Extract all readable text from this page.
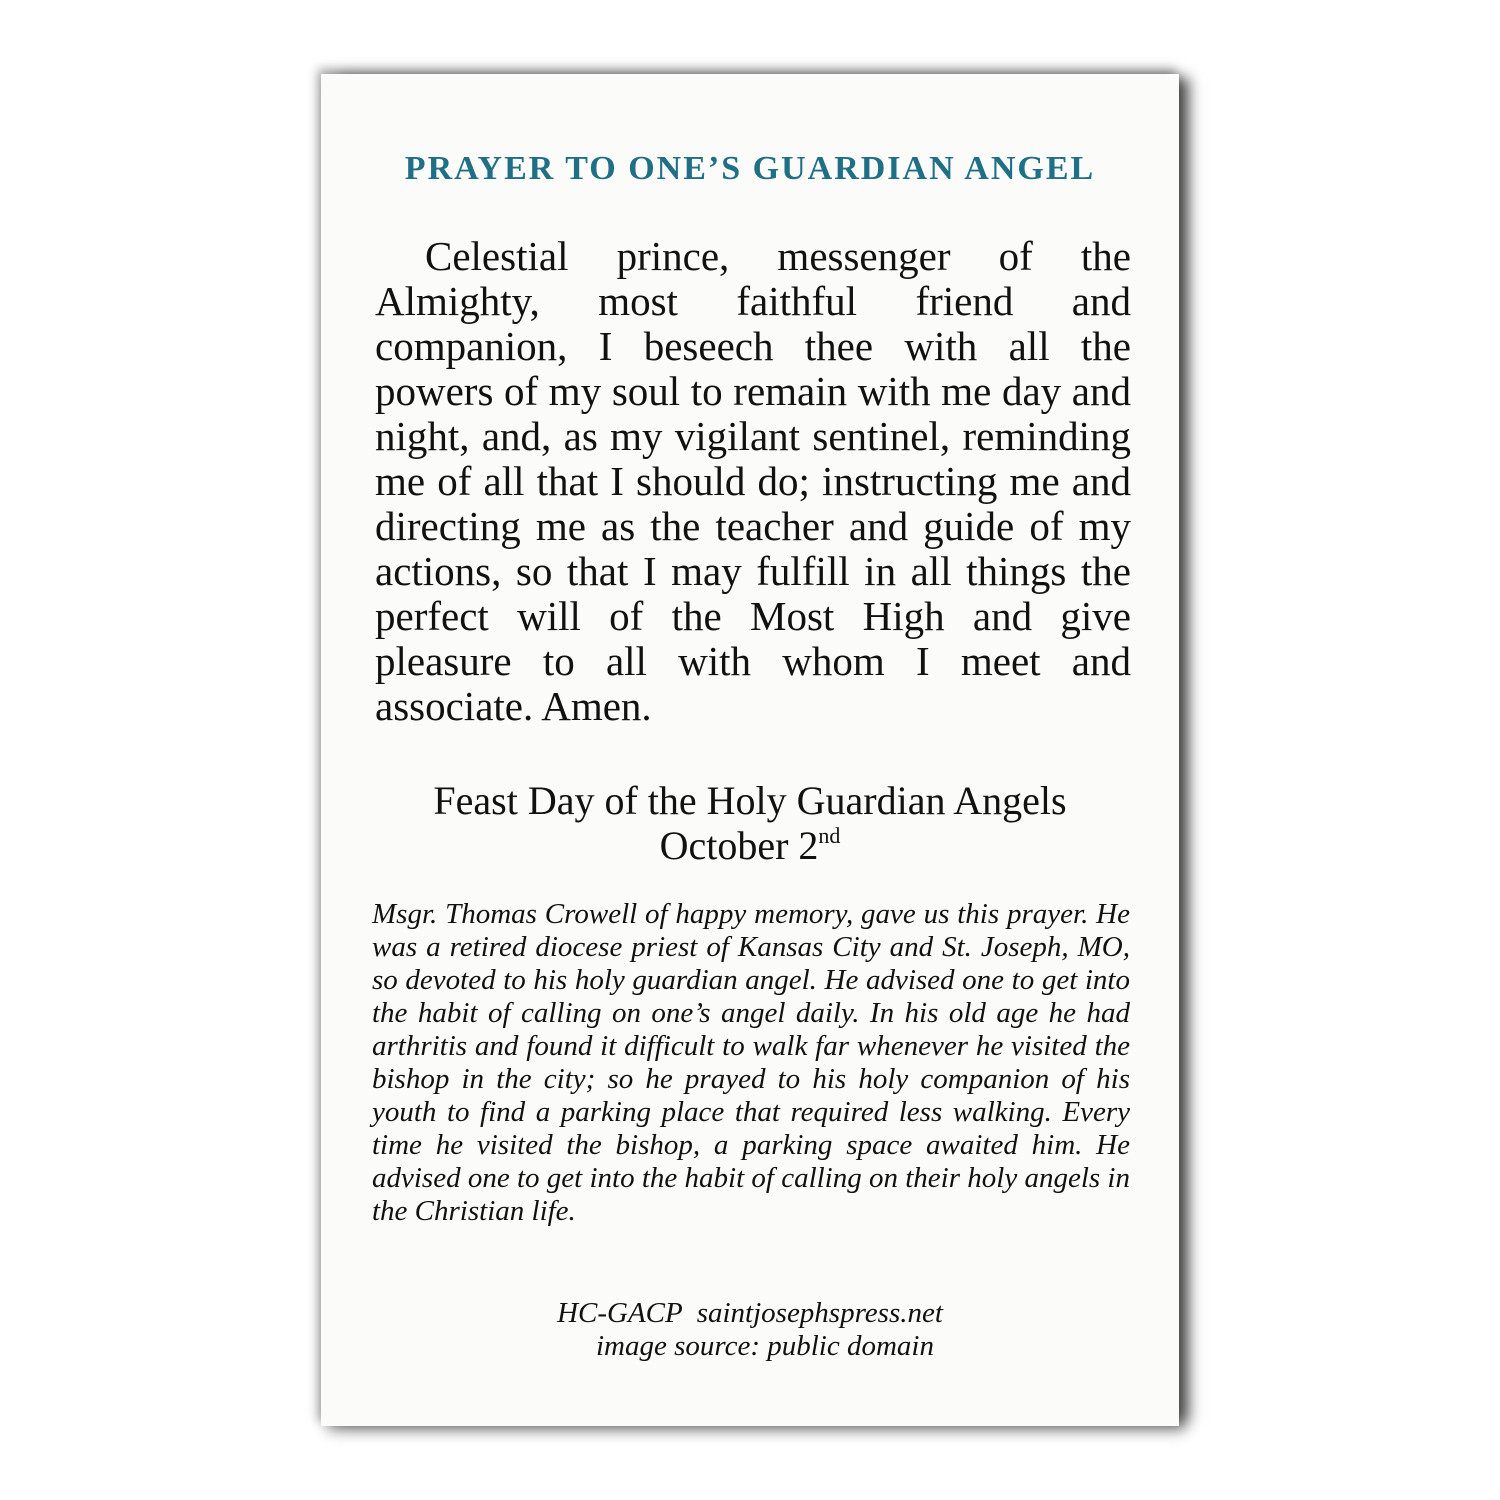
PRAYER TO ONE’S GUARDIAN ANGEL

Celestial prince, messenger of the Almighty, most faithful friend and companion, I beseech thee with all the powers of my soul to remain with me day and night, and, as my vigilant sentinel, reminding me of all that I should do; instructing me and directing me as the teacher and guide of my actions, so that I may fulfill in all things the perfect will of the Most High and give pleasure to all with whom I meet and associate. Amen.

Feast Day of the Holy Guardian Angels
October 2nd

Msgr. Thomas Crowell of happy memory, gave us this prayer. He was a retired diocese priest of Kansas City and St. Joseph, MO, so devoted to his holy guardian angel. He advised one to get into the habit of calling on one’s angel daily. In his old age he had arthritis and found it difficult to walk far whenever he visited the bishop in the city; so he prayed to his holy companion of his youth to find a parking place that required less walking. Every time he visited the bishop, a parking space awaited him. He advised one to get into the habit of calling on their holy angels in the Christian life.

HC-GACP  saintjosephspress.net
image source: public domain
